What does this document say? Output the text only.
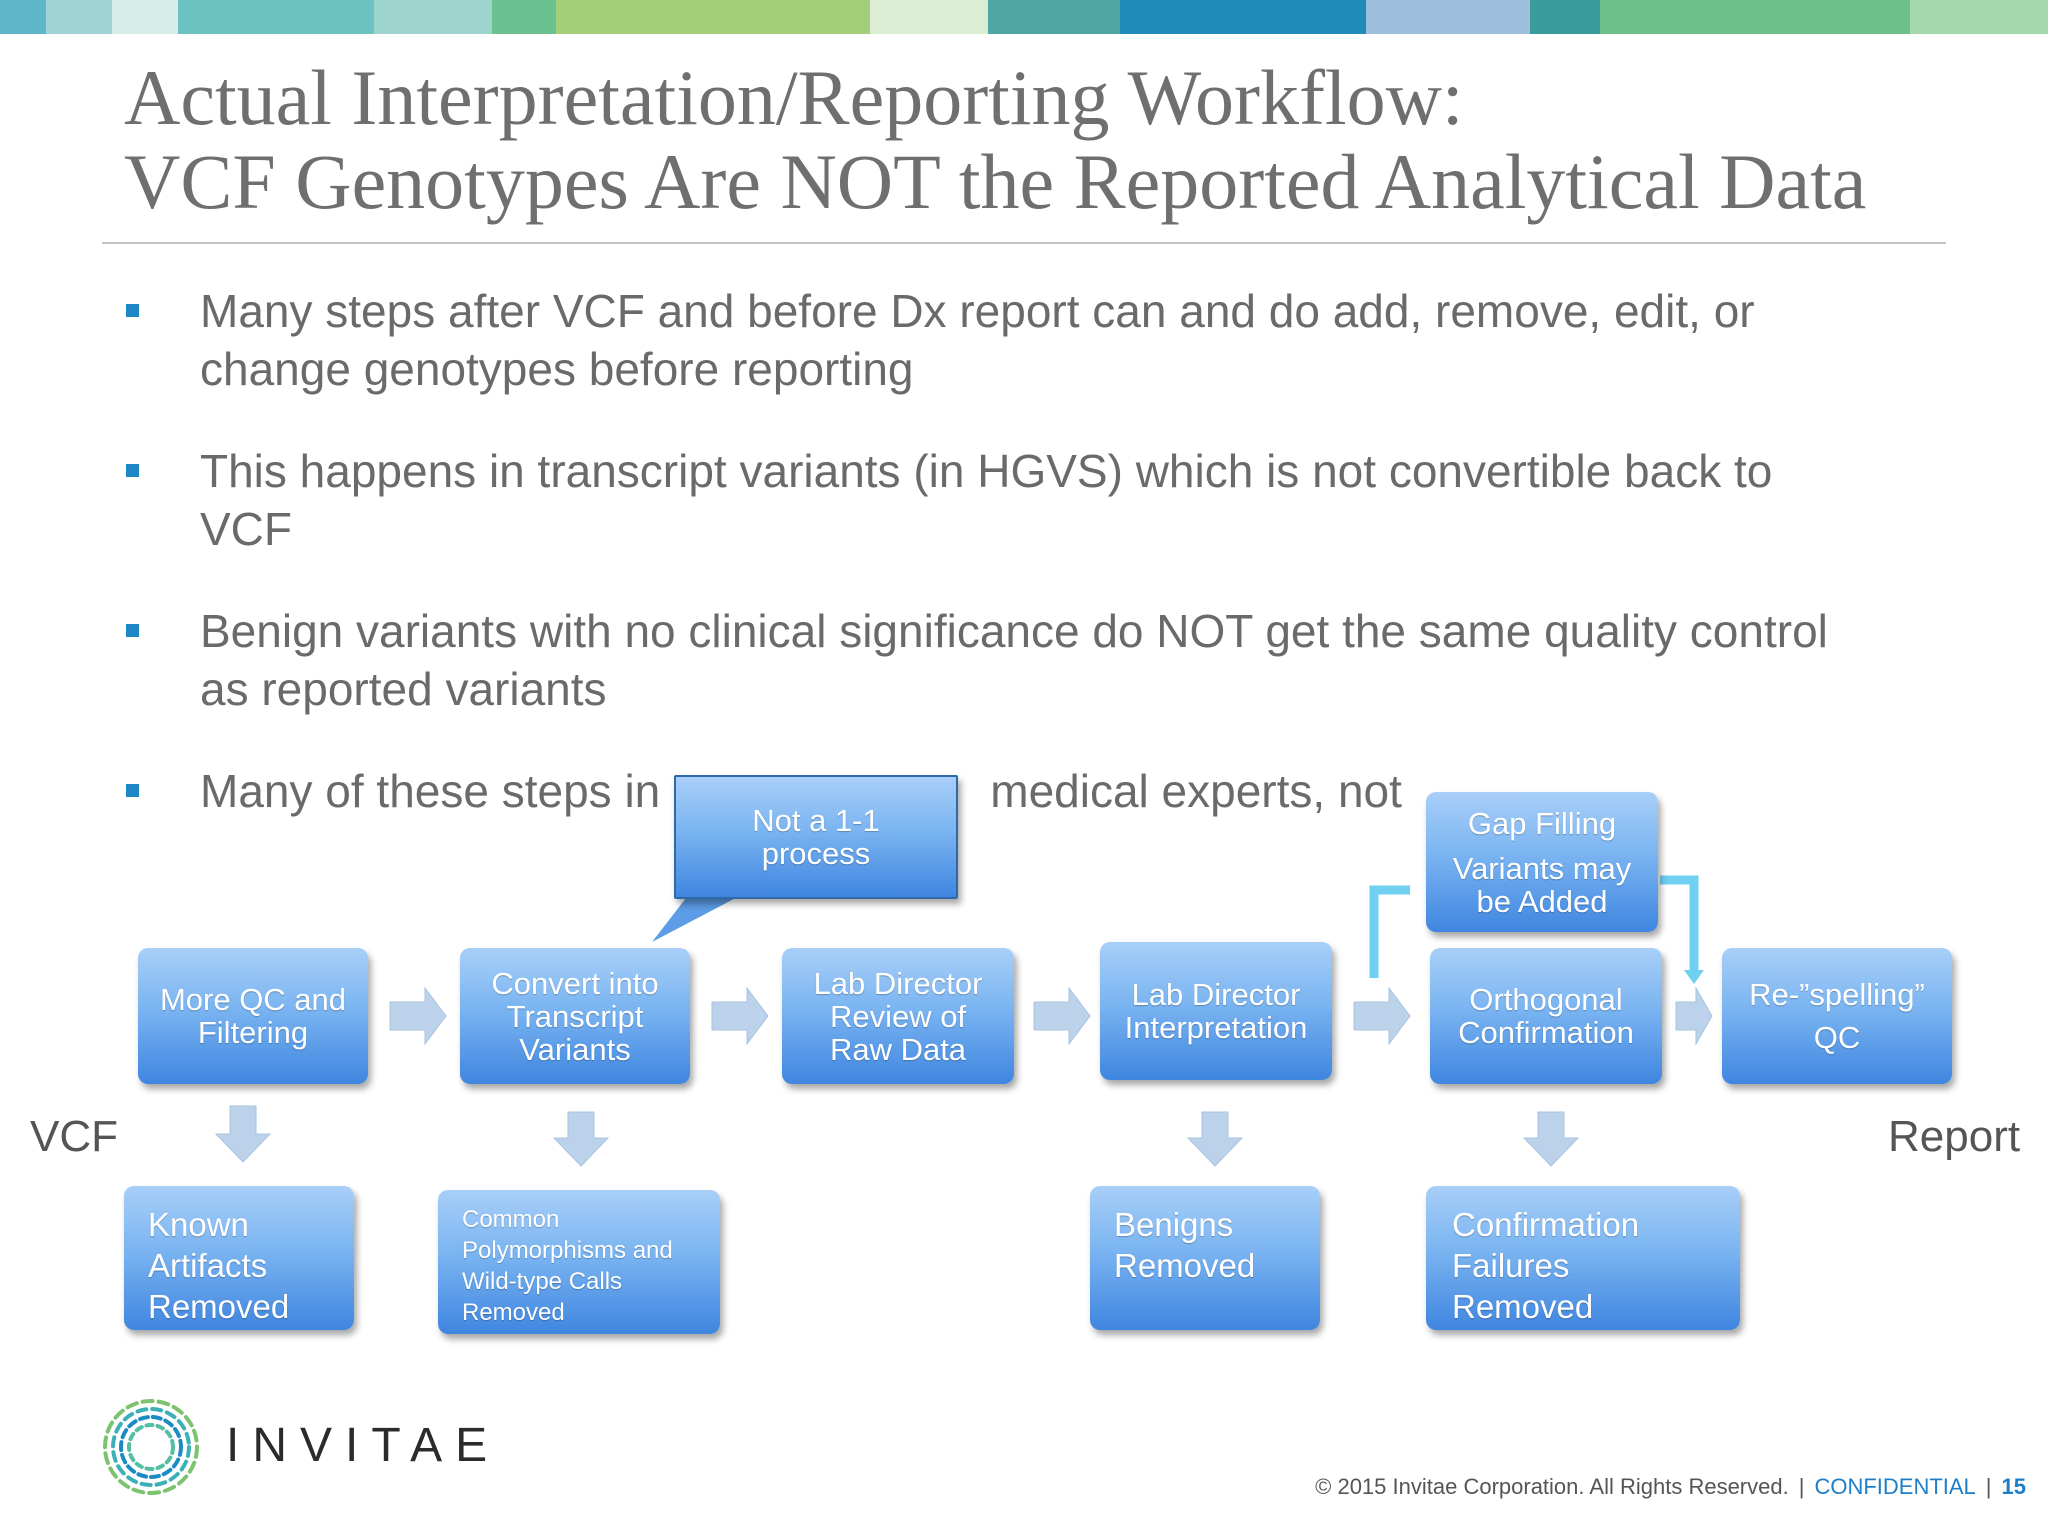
Actual Interpretation/Reporting Workflow:
VCF Genotypes Are NOT the Reported Analytical Data
Many steps after VCF and before Dx report can and do add, remove, edit, or
change genotypes before reporting
This happens in transcript variants (in HGVS) which is not convertible back to
VCF
Benign variants with no clinical significance do NOT get the same quality control
as reported variants
Many of these steps in	medical experts, not
Not a 1-1
process
Gap Filling
Variants may
be Added
More QC and
Filtering
Convert into
Transcript
Variants
Lab Director
Review of
Raw Data
Lab Director
Interpretation
Orthogonal
Confirmation
Re-”spelling”
QC
VCF	Report
Known
Artifacts
Removed
Common
Polymorphisms and
Wild-type Calls
Removed
Benigns
Removed
Confirmation
Failures
Removed
INVITAE
© 2015 Invitae Corporation. All Rights Reserved. | CONFIDENTIAL | 15
